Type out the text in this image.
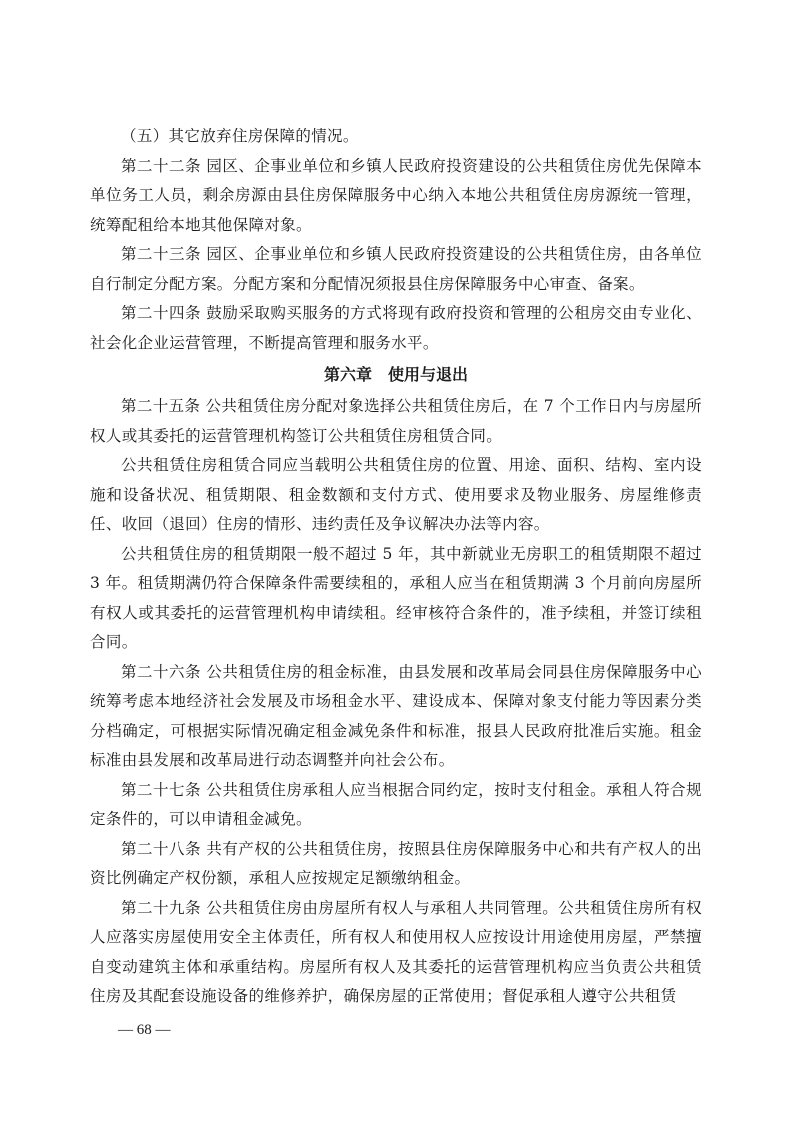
（五）其它放弃住房保障的情况。

第二十二条 园区、企事业单位和乡镇人民政府投资建设的公共租赁住房优先保障本单位务工人员，剩余房源由县住房保障服务中心纳入本地公共租赁住房房源统一管理，统筹配租给本地其他保障对象。

第二十三条 园区、企事业单位和乡镇人民政府投资建设的公共租赁住房，由各单位自行制定分配方案。分配方案和分配情况须报县住房保障服务中心审查、备案。

第二十四条 鼓励采取购买服务的方式将现有政府投资和管理的公租房交由专业化、社会化企业运营管理，不断提高管理和服务水平。

第六章　使用与退出

第二十五条 公共租赁住房分配对象选择公共租赁住房后，在 7 个工作日内与房屋所权人或其委托的运营管理机构签订公共租赁住房租赁合同。

公共租赁住房租赁合同应当载明公共租赁住房的位置、用途、面积、结构、室内设施和设备状况、租赁期限、租金数额和支付方式、使用要求及物业服务、房屋维修责任、收回（退回）住房的情形、违约责任及争议解决办法等内容。

公共租赁住房的租赁期限一般不超过 5 年，其中新就业无房职工的租赁期限不超过 3 年。租赁期满仍符合保障条件需要续租的，承租人应当在租赁期满 3 个月前向房屋所有权人或其委托的运营管理机构申请续租。经审核符合条件的，准予续租，并签订续租合同。

第二十六条 公共租赁住房的租金标准，由县发展和改革局会同县住房保障服务中心统筹考虑本地经济社会发展及市场租金水平、建设成本、保障对象支付能力等因素分类分档确定，可根据实际情况确定租金减免条件和标准，报县人民政府批准后实施。租金标准由县发展和改革局进行动态调整并向社会公布。

第二十七条 公共租赁住房承租人应当根据合同约定，按时支付租金。承租人符合规定条件的，可以申请租金减免。

第二十八条 共有产权的公共租赁住房，按照县住房保障服务中心和共有产权人的出资比例确定产权份额，承租人应按规定足额缴纳租金。

第二十九条 公共租赁住房由房屋所有权人与承租人共同管理。公共租赁住房所有权人应落实房屋使用安全主体责任，所有权人和使用权人应按设计用途使用房屋，严禁擅自变动建筑主体和承重结构。房屋所有权人及其委托的运营管理机构应当负责公共租赁住房及其配套设施设备的维修养护，确保房屋的正常使用；督促承租人遵守公共租赁

— 68 —
